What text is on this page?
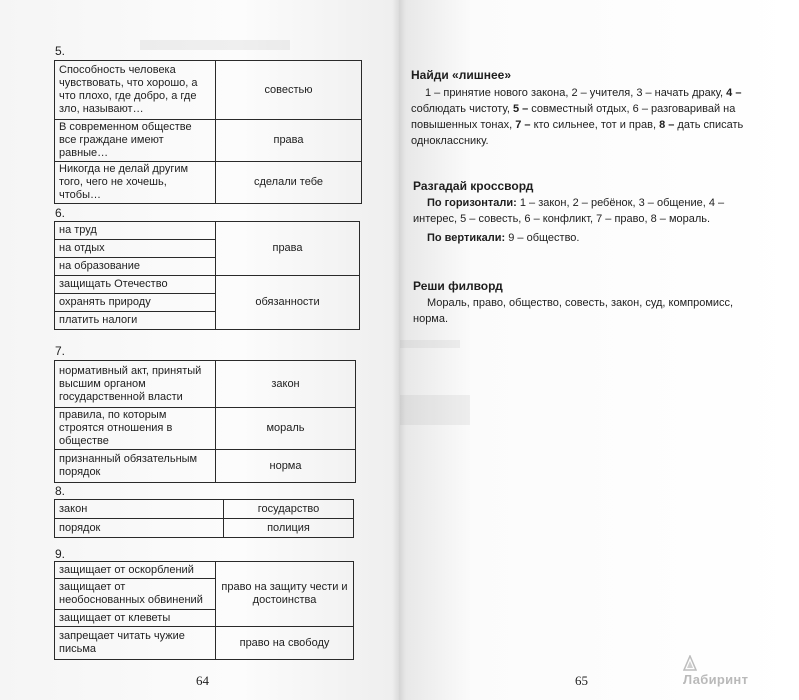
5.
Способность человека чувствовать, что хорошо, а что плохо, где добро, а где зло, называют…	совестью
В современном обществе все граждане имеют равные…	права
Никогда не делай другим того, чего не хочешь, чтобы…	сделали тебе
6.
на труд	права
на отдых	
на образование	
защищать Отечество	обязанности
охранять природу	
платить налоги	
7.
нормативный акт, принятый высшим органом государственной власти	закон
правила, по которым строятся отношения в обществе	мораль
признанный обязательным порядок	норма
8.
закон	государство
порядок	полиция
9.
защищает от оскорблений	право на защиту чести и достоинства
защищает от необоснованных обвинений	
защищает от клеветы	
запрещает читать чужие письма	право на свободу
64
Найди «лишнее»
1 – принятие нового закона, 2 – учителя, 3 – начать драку, 4 – соблюдать чистоту, 5 – совместный отдых, 6 – разговаривай на повышенных тонах, 7 – кто сильнее, тот и прав, 8 – дать списать однокласснику.
Разгадай кроссворд
По горизонтали: 1 – закон, 2 – ребёнок, 3 – общение, 4 – интерес, 5 – совесть, 6 – конфликт, 7 – право, 8 – мораль.
По вертикали: 9 – общество.
Реши филворд
Мораль, право, общество, совесть, закон, суд, компромисс, норма.
65	Лабиринт
